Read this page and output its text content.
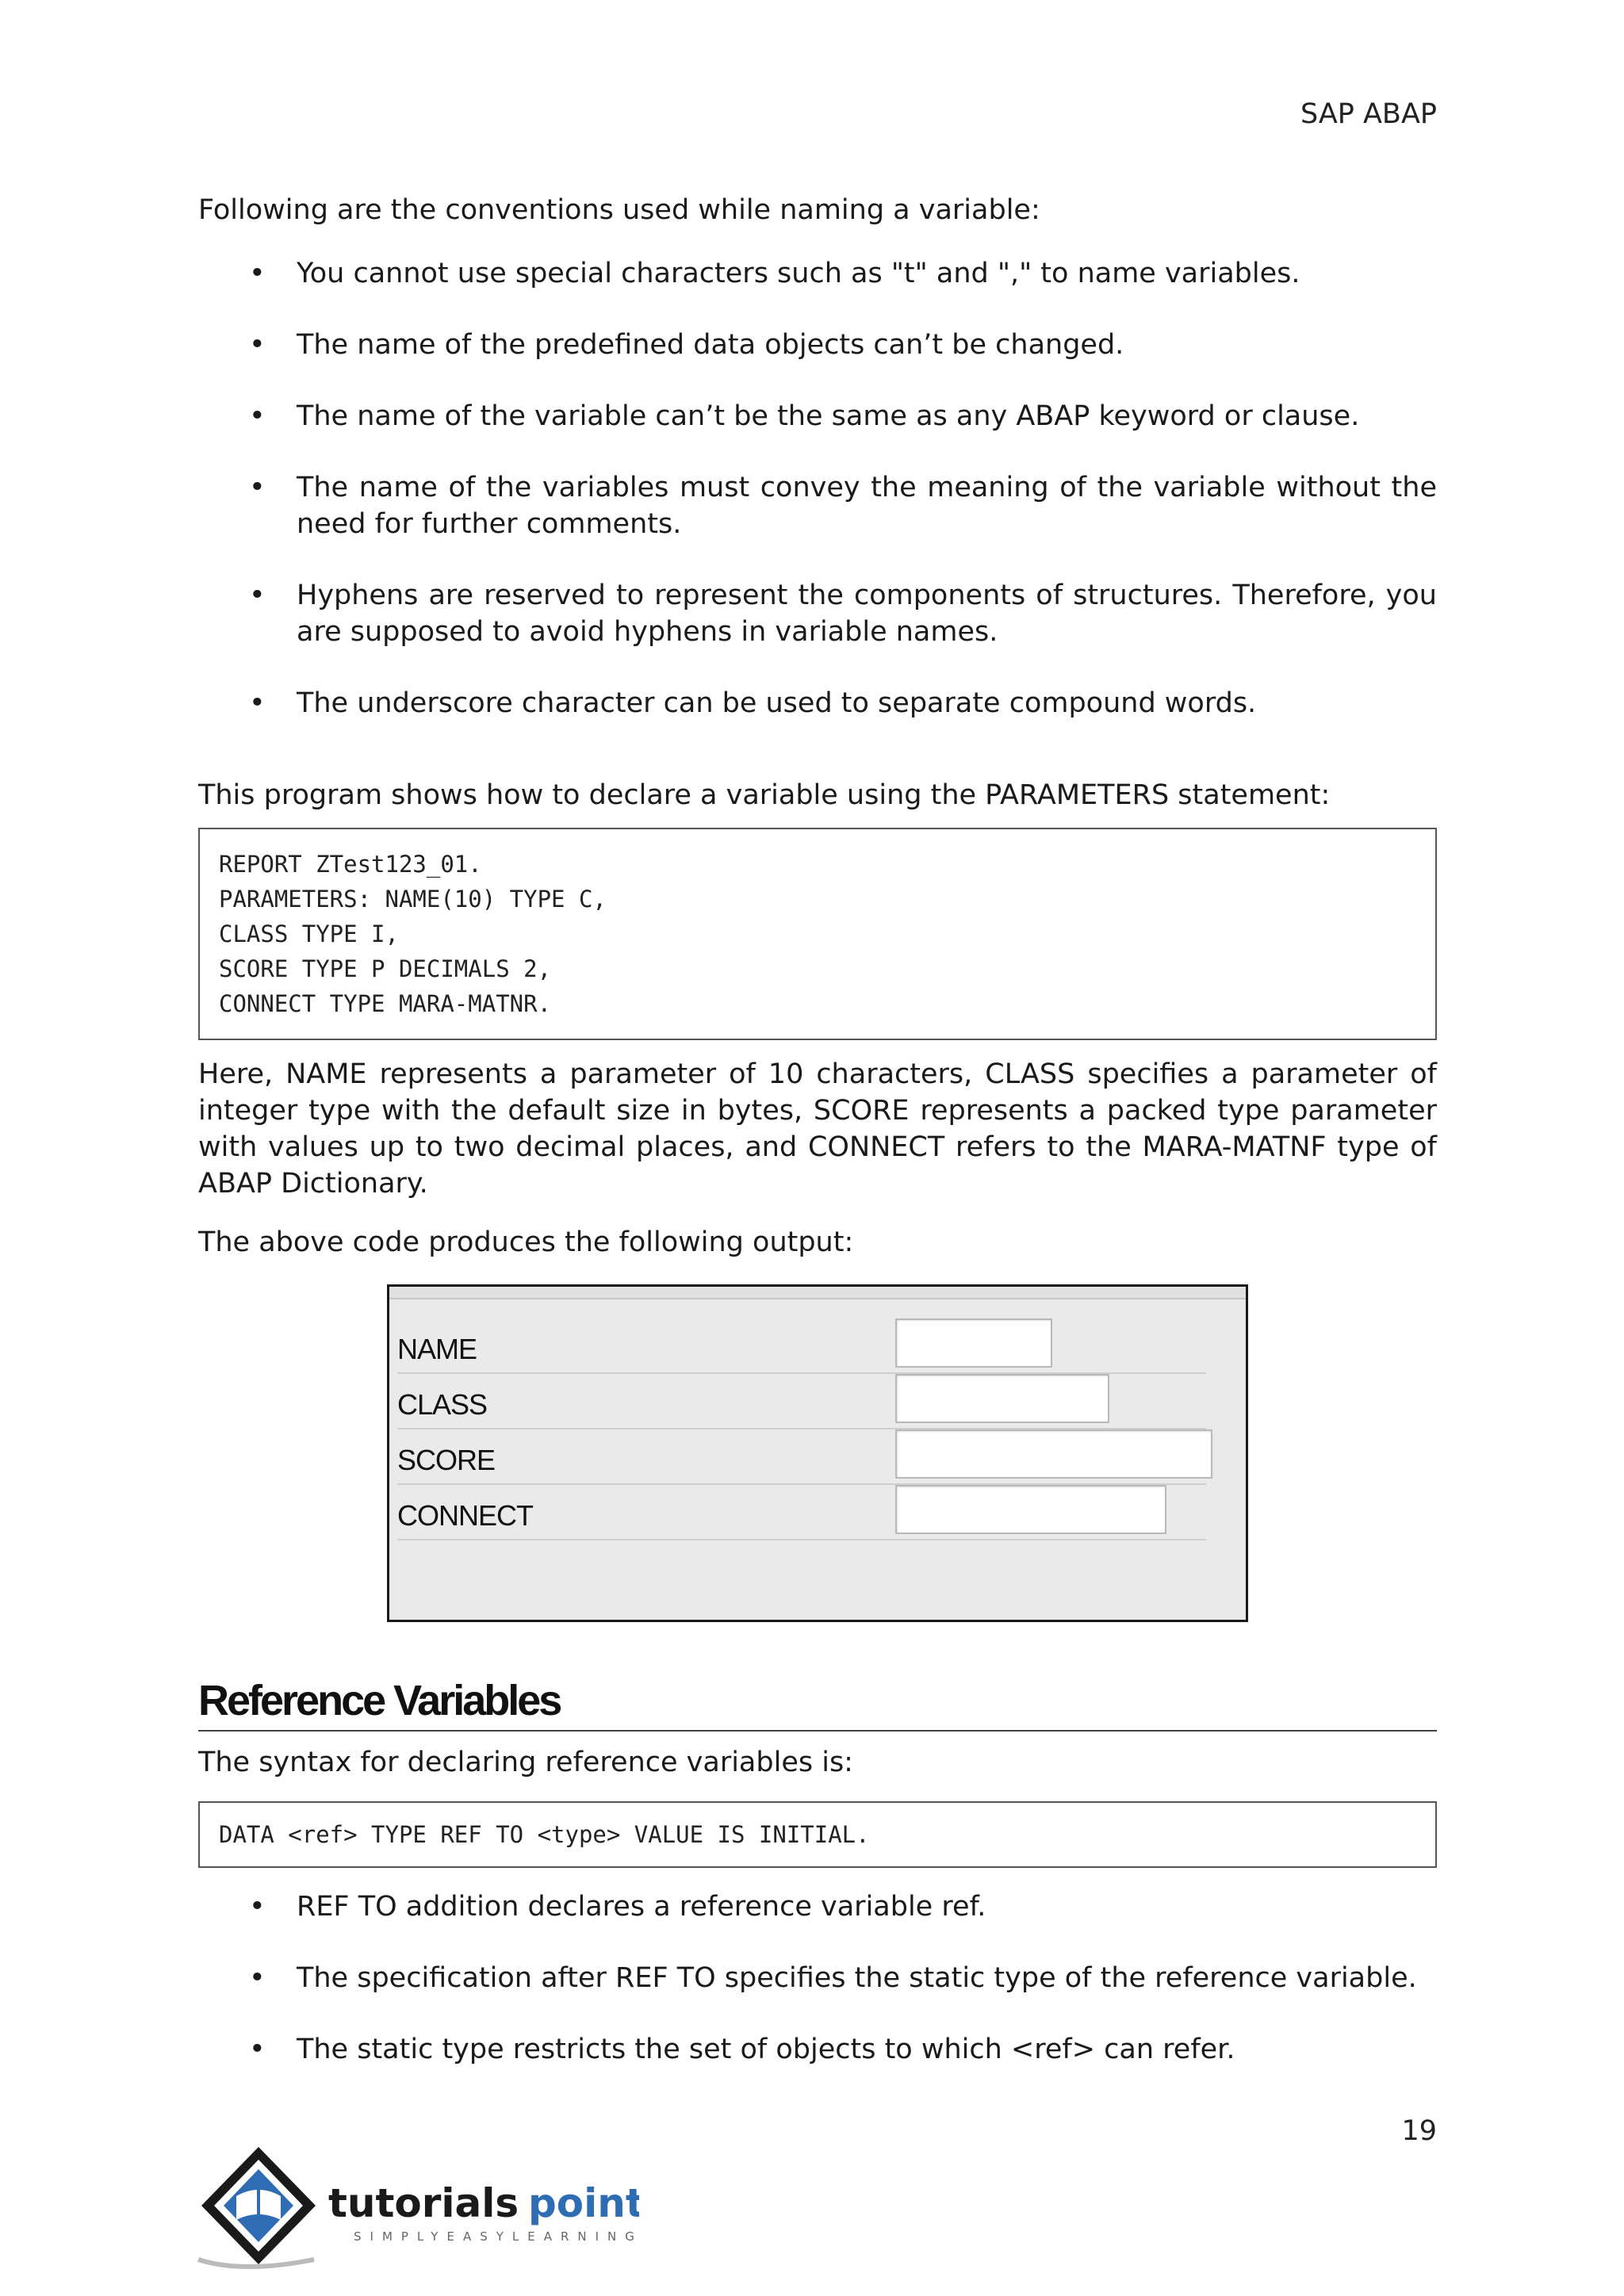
SAP ABAP

Following are the conventions used while naming a variable:

• You cannot use special characters such as "t" and "," to name variables.
• The name of the predefined data objects can’t be changed.
• The name of the variable can’t be the same as any ABAP keyword or clause.
• The name of the variables must convey the meaning of the variable without the need for further comments.
• Hyphens are reserved to represent the components of structures. Therefore, you are supposed to avoid hyphens in variable names.
• The underscore character can be used to separate compound words.

This program shows how to declare a variable using the PARAMETERS statement:

REPORT ZTest123_01.
PARAMETERS: NAME(10) TYPE C,
CLASS TYPE I,
SCORE TYPE P DECIMALS 2,
CONNECT TYPE MARA-MATNR.

Here, NAME represents a parameter of 10 characters, CLASS specifies a parameter of integer type with the default size in bytes, SCORE represents a packed type parameter with values up to two decimal places, and CONNECT refers to the MARA-MATNF type of ABAP Dictionary.

The above code produces the following output:

NAME
CLASS
SCORE
CONNECT
Reference Variables

The syntax for declaring reference variables is:

DATA <ref> TYPE REF TO <type> VALUE IS INITIAL.
• REF TO addition declares a reference variable ref.
• The specification after REF TO specifies the static type of the reference variable.
• The static type restricts the set of objects to which <ref> can refer.
19
tutorials point
SIMPLYEASYLEARNING
